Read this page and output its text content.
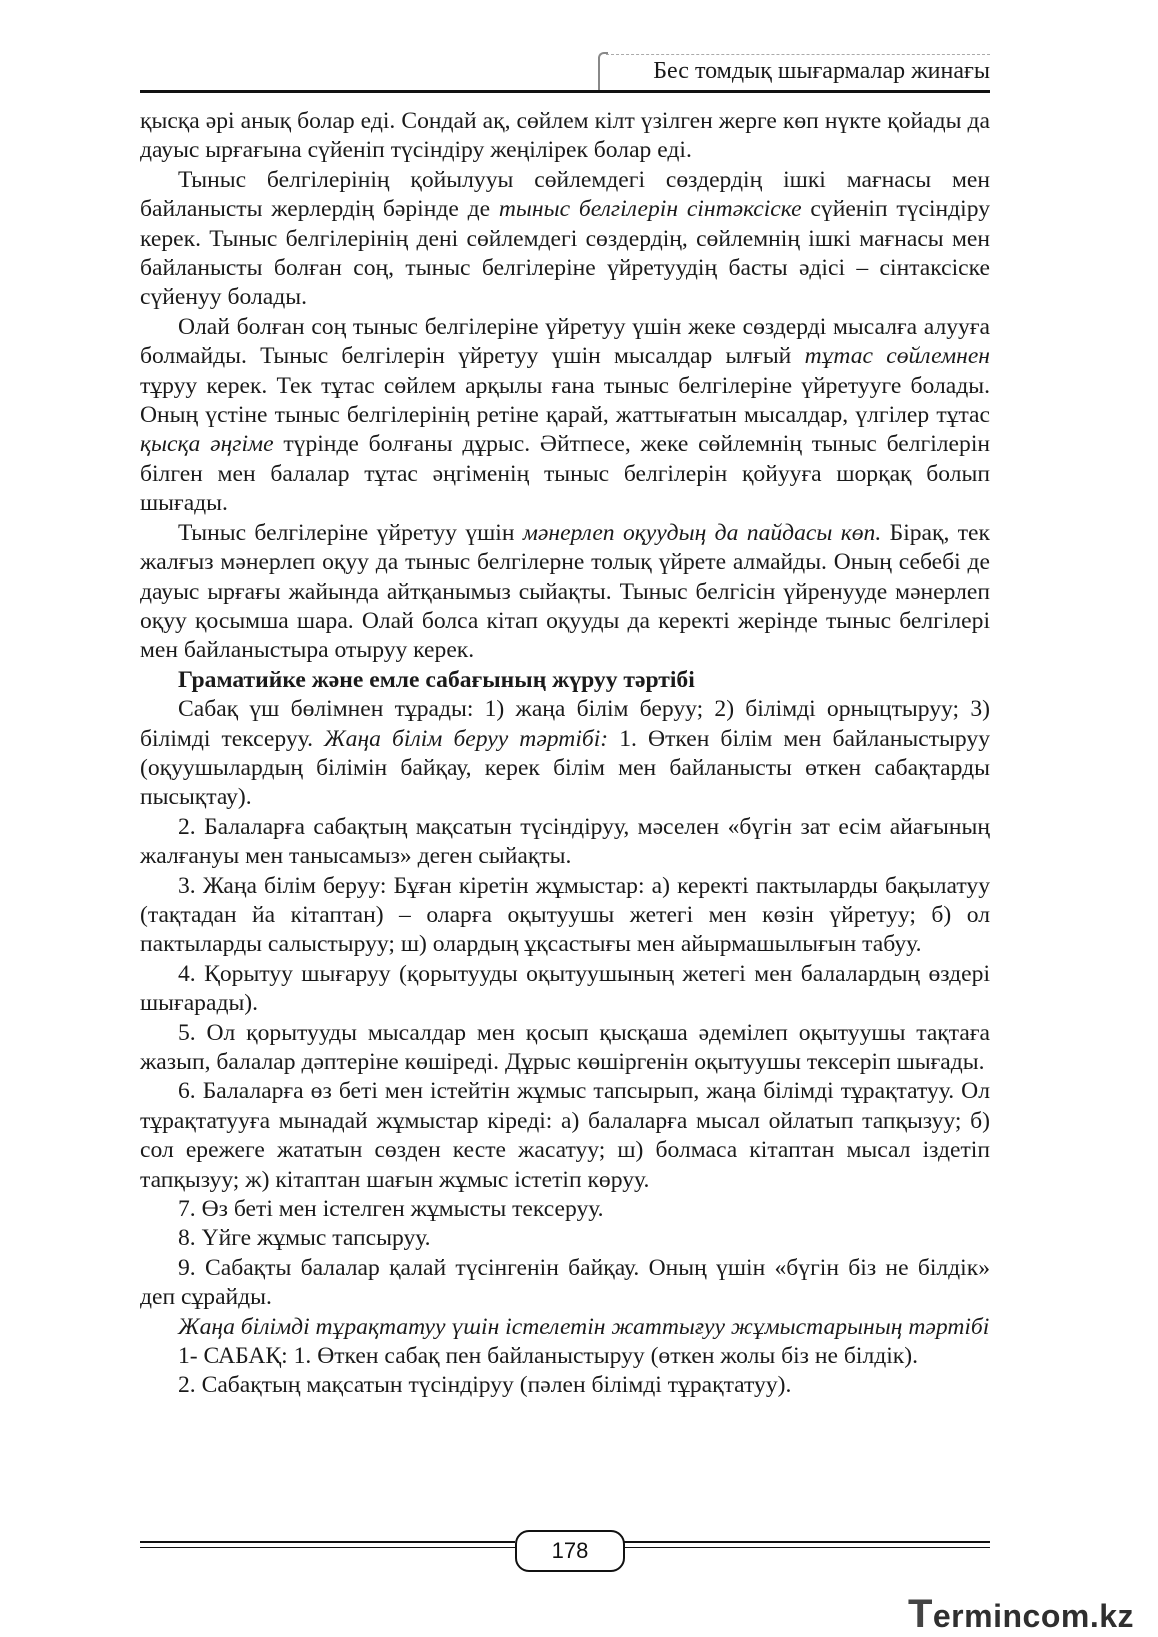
Бес томдық шығармалар жинағы

қысқа әрі анық болар еді. Сондай ақ, сөйлем кілт үзілген жерге көп нүкте қойады да дауыс ырғағына сүйеніп түсіндіру жеңілірек болар еді.

Тыныс белгілерінің қойылууы сөйлемдегі сөздердің ішкі мағнасы мен байланысты жерлердің бәрінде де тыныс белгілерін сінтәксіске сүйеніп түсіндіру керек. Тыныс белгілерінің дені сөйлемдегі сөздердің, сөйлемнің ішкі мағнасы мен байланысты болған соң, тыныс белгілеріне үйретуудің басты әдісі – сінтаксіске сүйенуу болады.

Олай болған соң тыныс белгілеріне үйретуу үшін жеке сөздерді мысалға алууға болмайды. Тыныс белгілерін үйретуу үшін мысалдар ылғый тұтас сөйлемнен тұруу керек. Тек тұтас сөйлем арқылы ғана тыныс белгілеріне үйретууге болады. Оның үстіне тыныс белгілерінің ретіне қарай, жаттығатын мысалдар, үлгілер тұтас қысқа әңгіме түрінде болғаны дұрыс. Әйтпесе, жеке сөйлемнің тыныс белгілерін білген мен балалар тұтас әңгіменің тыныс белгілерін қойууға шорқақ болып шығады.

Тыныс белгілеріне үйретуу үшін мәнерлеп оқуудың да пайдасы көп. Бірақ, тек жалғыз мәнерлеп оқуу да тыныс белгілерне толық үйрете алмайды. Оның себебі де дауыс ырғағы жайында айтқанымыз сыйақты. Тыныс белгісін үйренууде мәнерлеп оқуу қосымша шара. Олай болса кітап оқууды да керекті жерінде тыныс белгілері мен байланыстыра отыруу керек.

Граматийке және емле сабағының жүруу тәртібі

Сабақ үш бөлімнен тұрады: 1) жаңа білім беруу; 2) білімді орныцтыруу; 3) білімді тексеруу. Жаңа білім беруу тәртібі: 1. Өткен білім мен байланыстыруу (оқуушылардың білімін байқау, керек білім мен байланысты өткен сабақтарды пысықтау).

2. Балаларға сабақтың мақсатын түсіндіруу, мәселен «бүгін зат есім айағының жалғануы мен танысамыз» деген сыйақты.

3. Жаңа білім беруу: Бұған кіретін жұмыстар: а) керекті пактыларды бақылатуу (тақтадан йа кітаптан) – оларға оқытуушы жетегі мен көзін үйретуу; б) ол пактыларды салыстыруу; ш) олардың ұқсастығы мен айырмашылығын табуу.

4. Қорытуу шығаруу (қорытууды оқытуушының жетегі мен балалардың өздері шығарады).

5. Ол қорытууды мысалдар мен қосып қысқаша әдемілеп оқытуушы тақтаға жазып, балалар дәптеріне көшіреді. Дұрыс көшіргенін оқытуушы тексеріп шығады.

6. Балаларға өз беті мен істейтін жұмыс тапсырып, жаңа білімді тұрақтатуу. Ол тұрақтатууға мынадай жұмыстар кіреді: а) балаларға мысал ойлатып тапқызуу; б) сол ережеге жататын сөзден кесте жасатуу; ш) болмаса кітаптан мысал іздетіп тапқызуу; ж) кітаптан шағын жұмыс істетіп көруу.

7. Өз беті мен істелген жұмысты тексеруу.

8. Үйге жұмыс тапсыруу.

9. Сабақты балалар қалай түсінгенін байқау. Оның үшін «бүгін біз не білдік» деп сұрайды.

Жаңа білімді тұрақтатуу үшін істелетін жаттығуу жұмыстарының тәртібі

1- САБАҚ: 1. Өткен сабақ пен байланыстыруу (өткен жолы біз не білдік).

2. Сабақтың мақсатын түсіндіруу (пәлен білімді тұрақтатуу).

178
Termincom.kz
